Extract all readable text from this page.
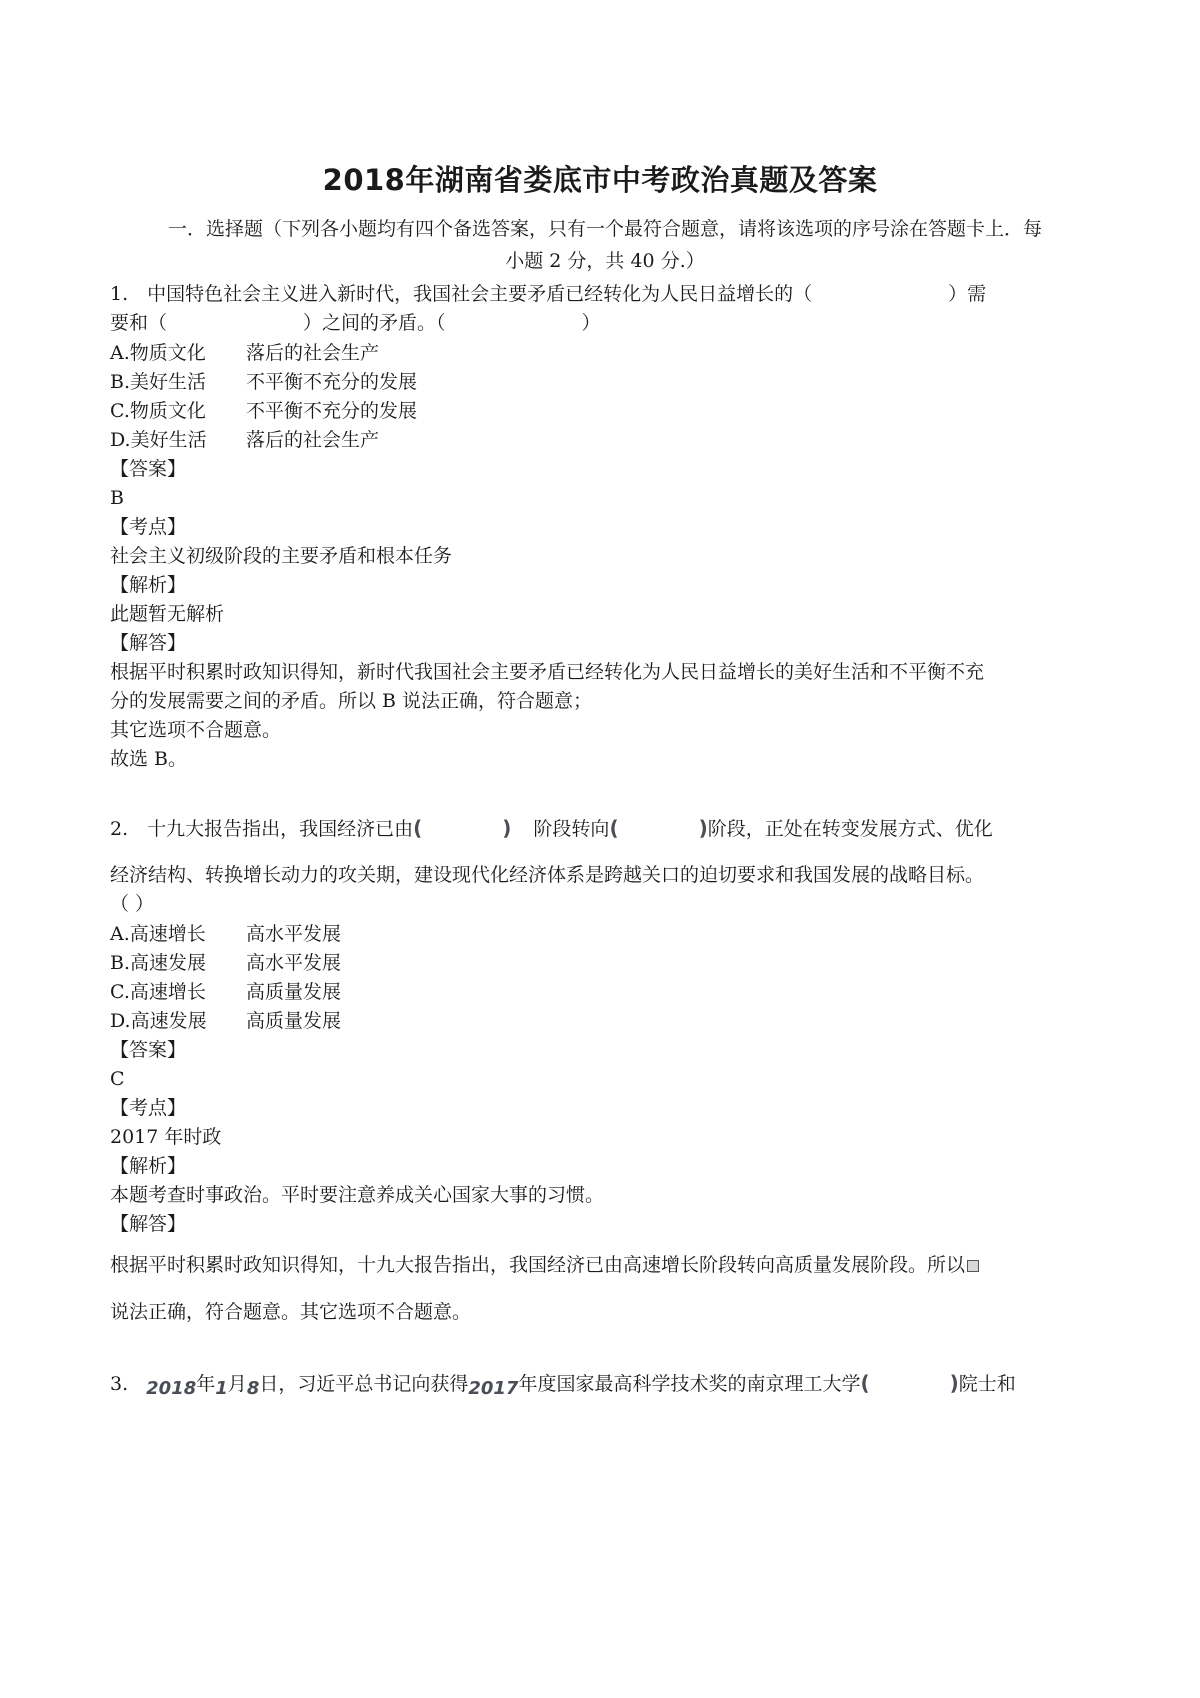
2018年湖南省娄底市中考政治真题及答案
一．选择题（下列各小题均有四个备选答案，只有一个最符合题意，请将该选项的序号涂在答题卡上．每
小题 2 分，共 40 分.）
1.　中国特色社会主义进入新时代，我国社会主要矛盾已经转化为人民日益增长的（	）需
要和（	）之间的矛盾。（	）
A.物质文化 落后的社会生产
B.美好生活 不平衡不充分的发展
C.物质文化 不平衡不充分的发展
D.美好生活 落后的社会生产
【答案】
B
【考点】
社会主义初级阶段的主要矛盾和根本任务
【解析】
此题暂无解析
【解答】
根据平时积累时政知识得知，新时代我国社会主要矛盾已经转化为人民日益增长的美好生活和不平衡不充
分的发展需要之间的矛盾。所以 B 说法正确，符合题意；
其它选项不合题意。
故选 B。
2.　十九大报告指出，我国经济已由(	) 阶段转向(	)阶段，正处在转变发展方式、优化
经济结构、转换增长动力的攻关期，建设现代化经济体系是跨越关口的迫切要求和我国发展的战略目标。
（ ）
A.高速增长 高水平发展
B.高速发展 高水平发展
C.高速增长 高质量发展
D.高速发展 高质量发展
【答案】
C
【考点】
2017 年时政
【解析】
本题考查时事政治。平时要注意养成关心国家大事的习惯。
【解答】
根据平时积累时政知识得知，十九大报告指出，我国经济已由高速增长阶段转向高质量发展阶段。所以
说法正确，符合题意。其它选项不合题意。
3. 2018年1月8日，习近平总书记向获得2017年度国家最高科学技术奖的南京理工大学(	)院士和
